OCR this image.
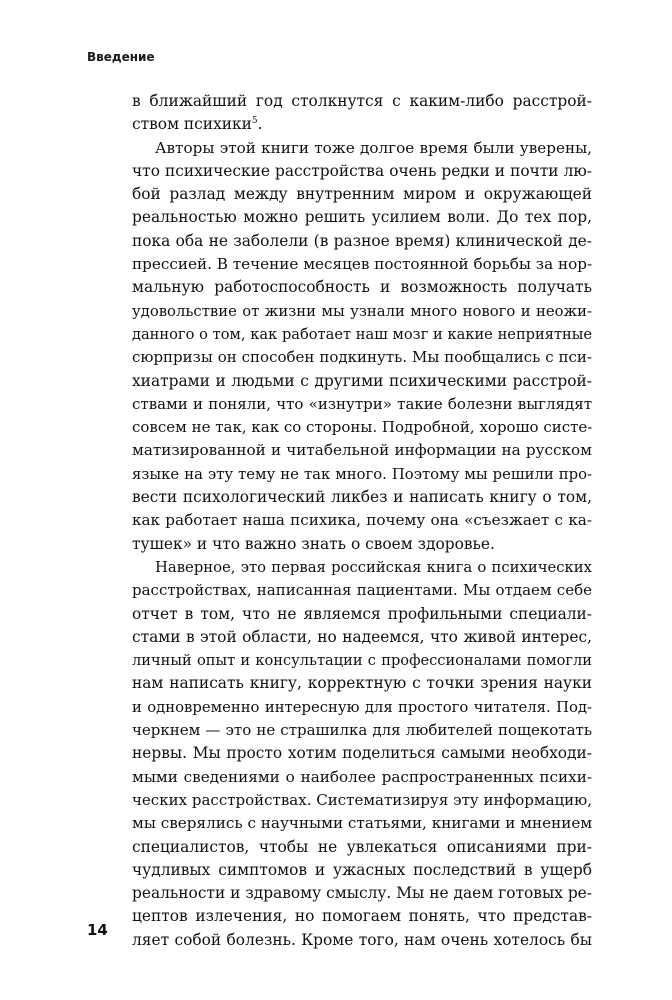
Введение
в ближайший год столкнутся с каким-либо расстрой-
ством психики$^5$.
Авторы этой книги тоже долгое время были уверены,
что психические расстройства очень редки и почти лю-
бой разлад между внутренним миром и окружающей
реальностью можно решить усилием воли. До тех пор,
пока оба не заболели (в разное время) клинической де-
прессией. В течение месяцев постоянной борьбы за нор-
мальную работоспособность и возможность получать
удовольствие от жизни мы узнали много нового и неожи-
данного о том, как работает наш мозг и какие неприятные
сюрпризы он способен подкинуть. Мы пообщались с пси-
хиатрами и людьми с другими психическими расстрой-
ствами и поняли, что «изнутри» такие болезни выглядят
совсем не так, как со стороны. Подробной, хорошо систе-
матизированной и читабельной информации на русском
языке на эту тему не так много. Поэтому мы решили про-
вести психологический ликбез и написать книгу о том,
как работает наша психика, почему она «съезжает с ка-
тушек» и что важно знать о своем здоровье.
Наверное, это первая российская книга о психических
расстройствах, написанная пациентами. Мы отдаем себе
отчет в том, что не являемся профильными специали-
стами в этой области, но надеемся, что живой интерес,
личный опыт и консультации с профессионалами помогли
нам написать книгу, корректную с точки зрения науки
и одновременно интересную для простого читателя. Под-
черкнем — это не страшилка для любителей пощекотать
нервы. Мы просто хотим поделиться самыми необходи-
мыми сведениями о наиболее распространенных психи-
ческих расстройствах. Систематизируя эту информацию,
мы сверялись с научными статьями, книгами и мнением
специалистов, чтобы не увлекаться описаниями при-
чудливых симптомов и ужасных последствий в ущерб
реальности и здравому смыслу. Мы не даем готовых ре-
цептов излечения, но помогаем понять, что представ-
ляет собой болезнь. Кроме того, нам очень хотелось бы
14
